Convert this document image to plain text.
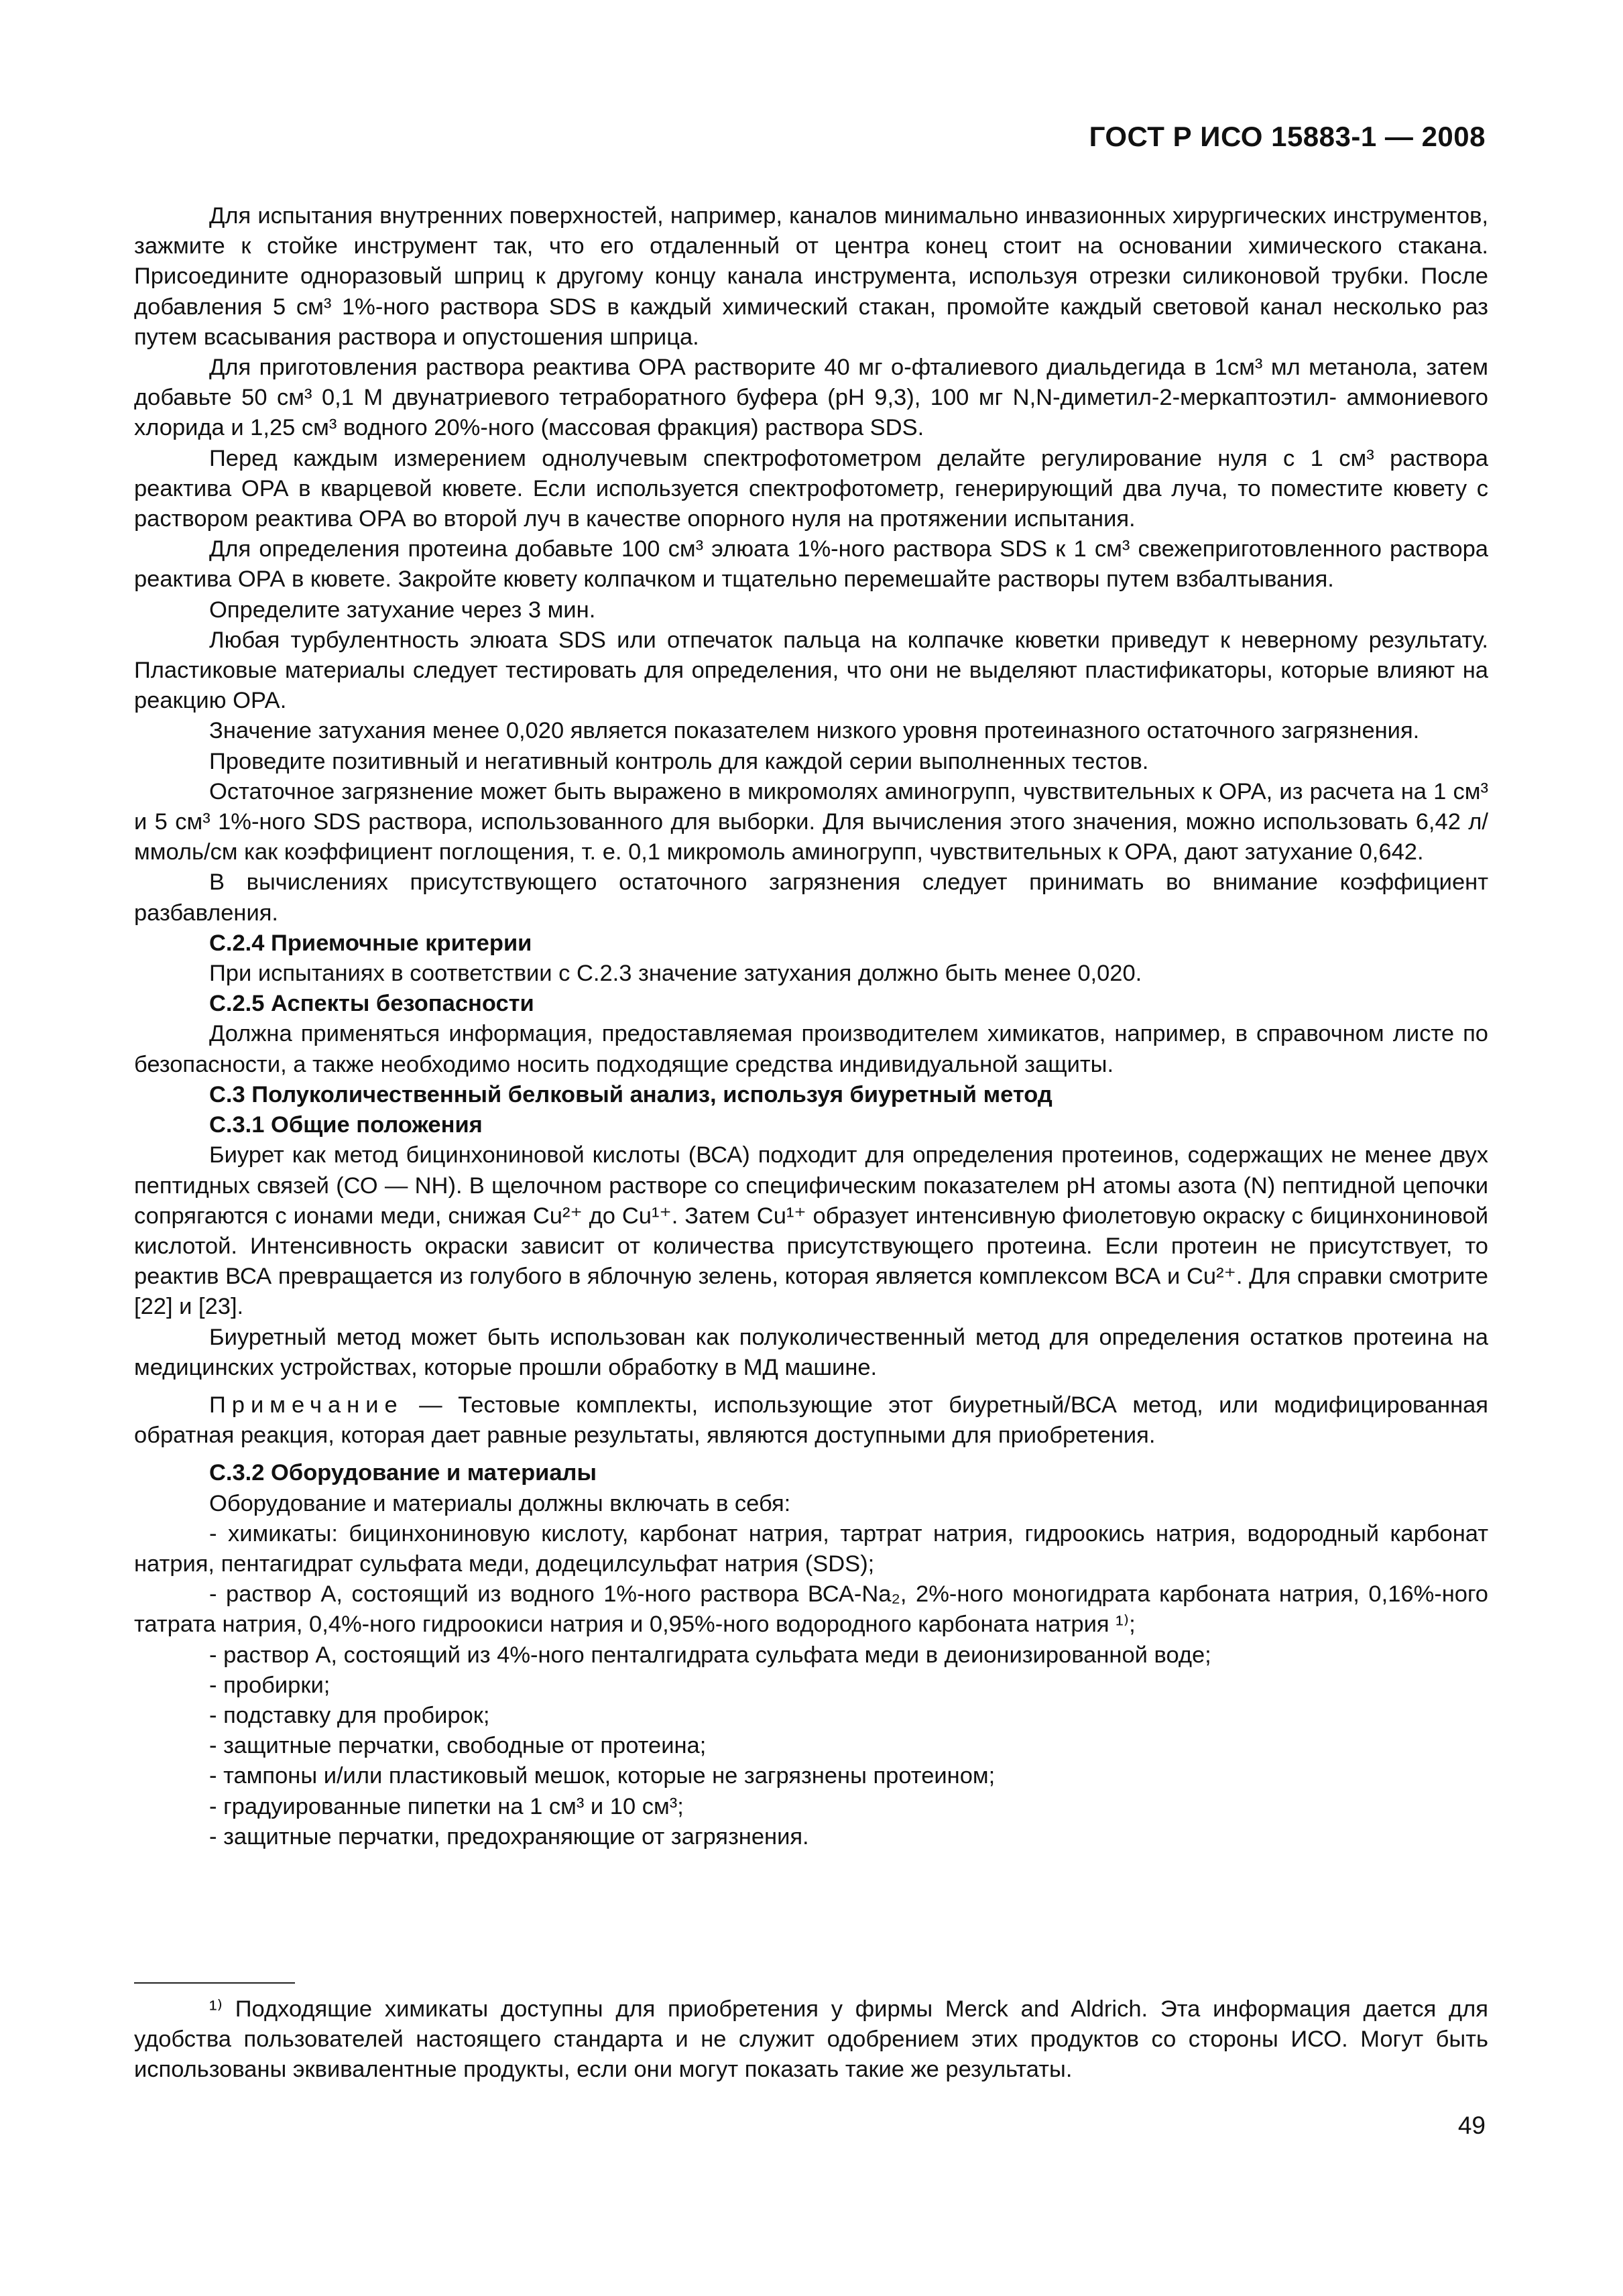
ГОСТ Р ИСО 15883-1 — 2008

Для испытания внутренних поверхностей, например, каналов минимально инвазионных хирургических инструментов, зажмите к стойке инструмент так, что его отдаленный от центра конец стоит на основании химического стакана. Присоедините одноразовый шприц к другому концу канала инструмента, используя отрезки силиконовой трубки. После добавления 5 см³ 1%-ного раствора SDS в каждый химический стакан, промойте каждый световой канал несколько раз путем всасывания раствора и опустошения шприца.

Для приготовления раствора реактива ОРА растворите 40 мг о-фталиевого диальдегида в 1см³ мл метанола, затем добавьте 50 см³ 0,1 М двунатриевого тетраборатного буфера (рН 9,3), 100 мг N,N-диметил-2-меркаптоэтил- аммониевого хлорида и 1,25 см³ водного 20%-ного (массовая фракция) раствора SDS.

Перед каждым измерением однолучевым спектрофотометром делайте регулирование нуля с 1 см³ раствора реактива ОРА в кварцевой кювете. Если используется спектрофотометр, генерирующий два луча, то поместите кювету с раствором реактива ОРА во второй луч в качестве опорного нуля на протяжении испытания.

Для определения протеина добавьте 100 см³ элюата 1%-ного раствора SDS к 1 см³ свежеприготовленного раствора реактива ОРА в кювете. Закройте кювету колпачком и тщательно перемешайте растворы путем взбалтывания.

Определите затухание через 3 мин.

Любая турбулентность элюата SDS или отпечаток пальца на колпачке кюветки приведут к неверному результату. Пластиковые материалы следует тестировать для определения, что они не выделяют пластификаторы, которые влияют на реакцию ОРА.

Значение затухания менее 0,020 является показателем низкого уровня протеиназного остаточного загрязнения.

Проведите позитивный и негативный контроль для каждой серии выполненных тестов.

Остаточное загрязнение может быть выражено в микромолях аминогрупп, чувствительных к ОРА, из расчета на 1 см³ и 5 см³ 1%-ного SDS раствора, использованного для выборки. Для вычисления этого значения, можно использовать 6,42 л/ммоль/см как коэффициент поглощения, т. е. 0,1 микромоль аминогрупп, чувствительных к ОРА, дают затухание 0,642.

В вычислениях присутствующего остаточного загрязнения следует принимать во внимание коэффициент разбавления.

С.2.4 Приемочные критерии

При испытаниях в соответствии с С.2.3 значение затухания должно быть менее 0,020.

С.2.5 Аспекты безопасности

Должна применяться информация, предоставляемая производителем химикатов, например, в справочном листе по безопасности, а также необходимо носить подходящие средства индивидуальной защиты.

С.3 Полуколичественный белковый анализ, используя биуретный метод

С.3.1 Общие положения

Биурет как метод бицинхониновой кислоты (ВСА) подходит для определения протеинов, содержащих не менее двух пептидных связей (СО — NH). В щелочном растворе со специфическим показателем рН атомы азота (N) пептидной цепочки сопрягаются с ионами меди, снижая Cu²⁺ до Cu¹⁺. Затем Cu¹⁺ образует интенсивную фиолетовую окраску с бицинхониновой кислотой. Интенсивность окраски зависит от количества присутствующего протеина. Если протеин не присутствует, то реактив ВСА превращается из голубого в яблочную зелень, которая является комплексом ВСА и Cu²⁺. Для справки смотрите [22] и [23].

Биуретный метод может быть использован как полуколичественный метод для определения остатков протеина на медицинских устройствах, которые прошли обработку в МД машине.

Примечание — Тестовые комплекты, использующие этот биуретный/ВСА метод, или модифицированная обратная реакция, которая дает равные результаты, являются доступными для приобретения.

С.3.2 Оборудование и материалы

Оборудование и материалы должны включать в себя:

- химикаты: бицинхониновую кислоту, карбонат натрия, тартрат натрия, гидроокись натрия, водородный карбонат натрия, пентагидрат сульфата меди, додецилсульфат натрия (SDS);

- раствор А, состоящий из водного 1%-ного раствора ВСА-Na₂, 2%-ного моногидрата карбоната натрия, 0,16%-ного татрата натрия, 0,4%-ного гидроокиси натрия и 0,95%-ного водородного карбоната натрия ¹⁾;

- раствор А, состоящий из 4%-ного пенталгидрата сульфата меди в деионизированной воде;

- пробирки;

- подставку для пробирок;

- защитные перчатки, свободные от протеина;

- тампоны и/или пластиковый мешок, которые не загрязнены протеином;

- градуированные пипетки на 1 см³ и 10 см³;

- защитные перчатки, предохраняющие от загрязнения.

¹⁾ Подходящие химикаты доступны для приобретения у фирмы Merck and Aldrich. Эта информация дается для удобства пользователей настоящего стандарта и не служит одобрением этих продуктов со стороны ИСО. Могут быть использованы эквивалентные продукты, если они могут показать такие же результаты.

49
